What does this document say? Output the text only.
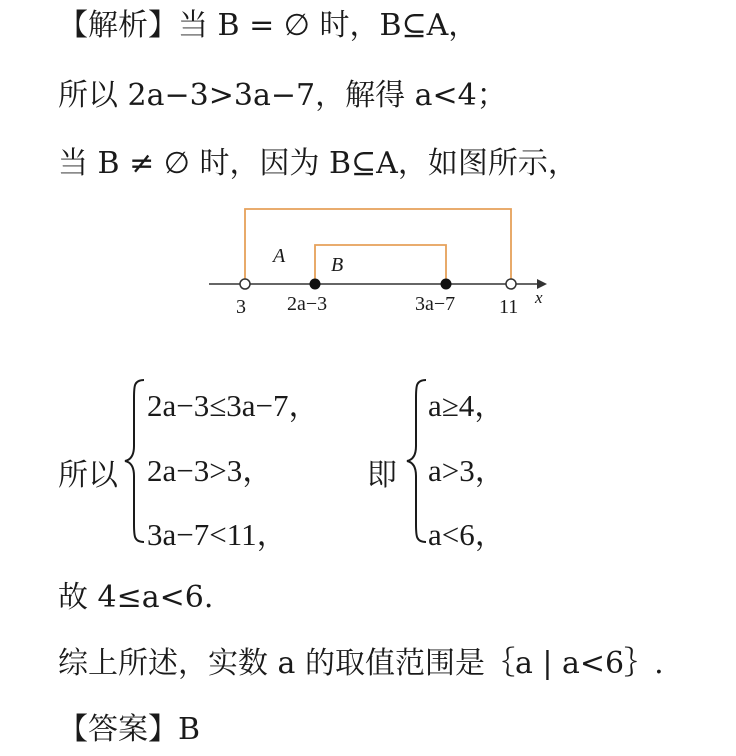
【解析】当 B = ∅ 时，B⊆A，
所以 2a−3>3a−7，解得 a<4；
当 B ≠ ∅ 时，因为 B⊆A，如图所示，
A B
3 2a−3	3a−7 11 x
所以
2a−3≤3a−7，
2a−3>3，
3a−7<11，
即
a≥4，
a>3，
a<6，
故 4≤a<6.
综上所述，实数 a 的取值范围是｛a | a<6｝.
【答案】B
